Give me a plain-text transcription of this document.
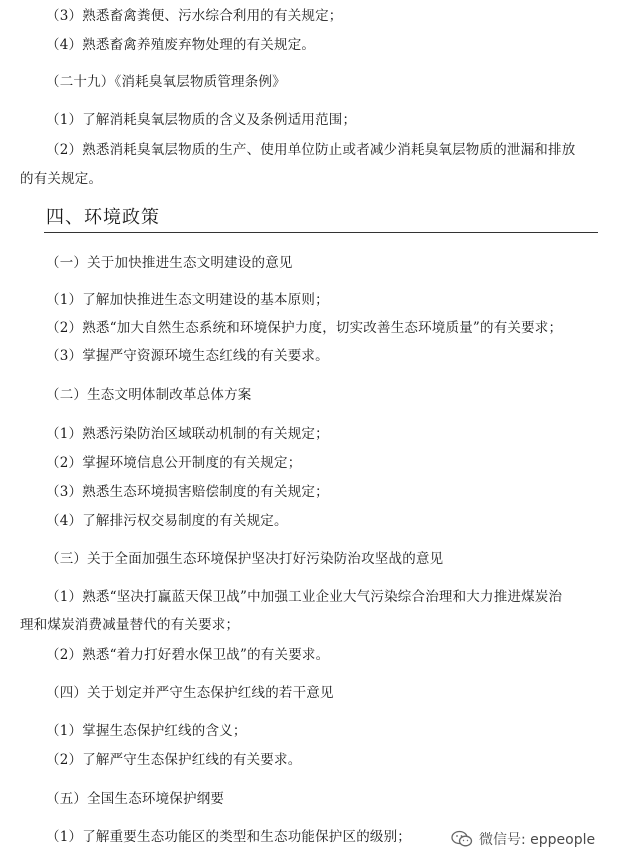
（3）熟悉畜禽粪便、污水综合利用的有关规定；
（4）熟悉畜禽养殖废弃物处理的有关规定。
（二十九）《消耗臭氧层物质管理条例》
（1）了解消耗臭氧层物质的含义及条例适用范围；
（2）熟悉消耗臭氧层物质的生产、使用单位防止或者减少消耗臭氧层物质的泄漏和排放
的有关规定。
四、环境政策
（一）关于加快推进生态文明建设的意见
（1）了解加快推进生态文明建设的基本原则；
（2）熟悉“加大自然生态系统和环境保护力度，切实改善生态环境质量”的有关要求；
（3）掌握严守资源环境生态红线的有关要求。
（二）生态文明体制改革总体方案
（1）熟悉污染防治区域联动机制的有关规定；
（2）掌握环境信息公开制度的有关规定；
（3）熟悉生态环境损害赔偿制度的有关规定；
（4）了解排污权交易制度的有关规定。
（三）关于全面加强生态环境保护坚决打好污染防治攻坚战的意见
（1）熟悉“坚决打赢蓝天保卫战”中加强工业企业大气污染综合治理和大力推进煤炭治
理和煤炭消费减量替代的有关要求；
（2）熟悉“着力打好碧水保卫战”的有关要求。
（四）关于划定并严守生态保护红线的若干意见
（1）掌握生态保护红线的含义；
（2）了解严守生态保护红线的有关要求。
（五）全国生态环境保护纲要
（1）了解重要生态功能区的类型和生态功能保护区的级别；	微信号: eppeople
